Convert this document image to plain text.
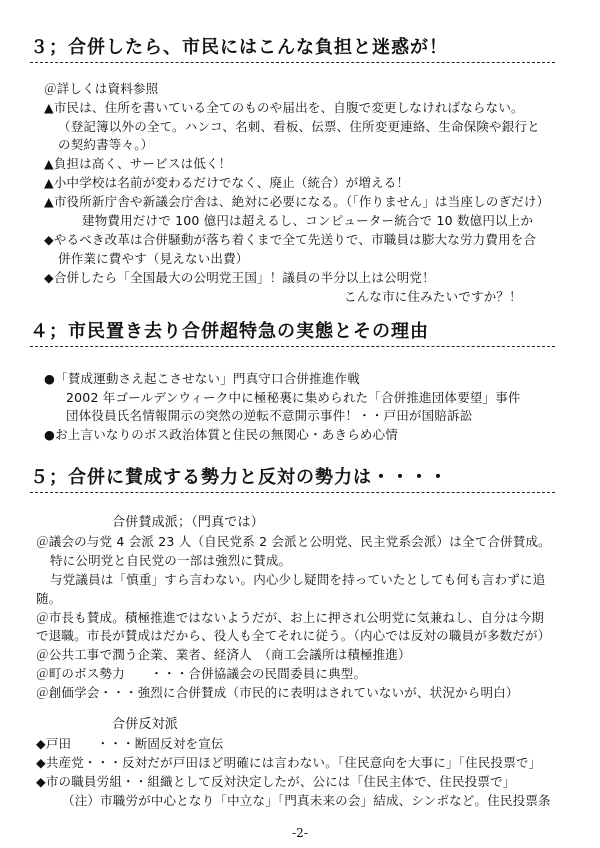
３；合併したら、市民にはこんな負担と迷惑が！
＠詳しくは資料参照
▲市民は、住所を書いている全てのものや届出を、自腹で変更しなければならない。
（登記簿以外の全て。ハンコ、名刺、看板、伝票、住所変更連絡、生命保険や銀行と
の契約書等々。）
▲負担は高く、サービスは低く！
▲小中学校は名前が変わるだけでなく、廃止（統合）が増える！
▲市役所新庁舎や新議会庁舎は、絶対に必要になる。（「作りません」は当座しのぎだけ）
建物費用だけで 100 億円は超えるし、コンピューター統合で 10 数億円以上か
◆やるべき改革は合併騒動が落ち着くまで全て先送りで、市職員は膨大な労力費用を合
併作業に費やす（見えない出費）
◆合併したら「全国最大の公明党王国」！議員の半分以上は公明党！
こんな市に住みたいですか？！
４；市民置き去り合併超特急の実態とその理由
●「賛成運動さえ起こさせない」門真守口合併推進作戦
2002 年ゴールデンウィーク中に極秘裏に集められた「合併推進団体要望」事件
団体役員氏名情報開示の突然の逆転不意開示事件！・・戸田が国賠訴訟
●お上言いなりのボス政治体質と住民の無関心・あきらめ心情
５；合併に賛成する勢力と反対の勢力は・・・・
合併賛成派；（門真では）
＠議会の与党 4 会派 23 人（自民党系 2 会派と公明党、民主党系会派）は全て合併賛成。
特に公明党と自民党の一部は強烈に賛成。
与党議員は「慎重」すら言わない。内心少し疑問を持っていたとしても何も言わずに追
随。
＠市長も賛成。積極推進ではないようだが、お上に押され公明党に気兼ねし、自分は今期
で退職。市長が賛成はだから、役人も全てそれに従う。（内心では反対の職員が多数だが）
＠公共工事で潤う企業、業者、経済人　（商工会議所は積極推進）
＠町のボス勢力　　・・・合併協議会の民間委員に典型。
＠創価学会・・・強烈に合併賛成（市民的に表明はされていないが、状況から明白）
合併反対派
◆戸田　　・・・断固反対を宣伝
◆共産党・・・反対だが戸田ほど明確には言わない。「住民意向を大事に」「住民投票で」
◆市の職員労組・・組織として反対決定したが、公には「住民主体で、住民投票で」
（注）市職労が中心となり「中立な」「門真未来の会」結成、シンポなど。住民投票条
-2-
